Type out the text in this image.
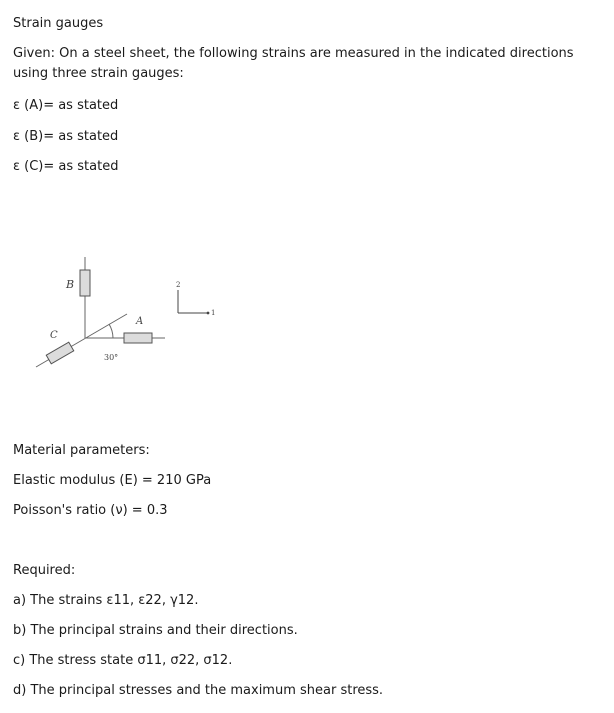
Strain gauges
Given: On a steel sheet, the following strains are measured in the indicated directions using three strain gauges:
ε (A)= as stated
ε (B)= as stated
ε (C)= as stated
B
A
C
30°
2
1
Material parameters:
Elastic modulus (E) = 210 GPa
Poisson's ratio (ν) = 0.3
Required:
a) The strains ε11, ε22, γ12.
b) The principal strains and their directions.
c) The stress state σ11, σ22, σ12.
d) The principal stresses and the maximum shear stress.
